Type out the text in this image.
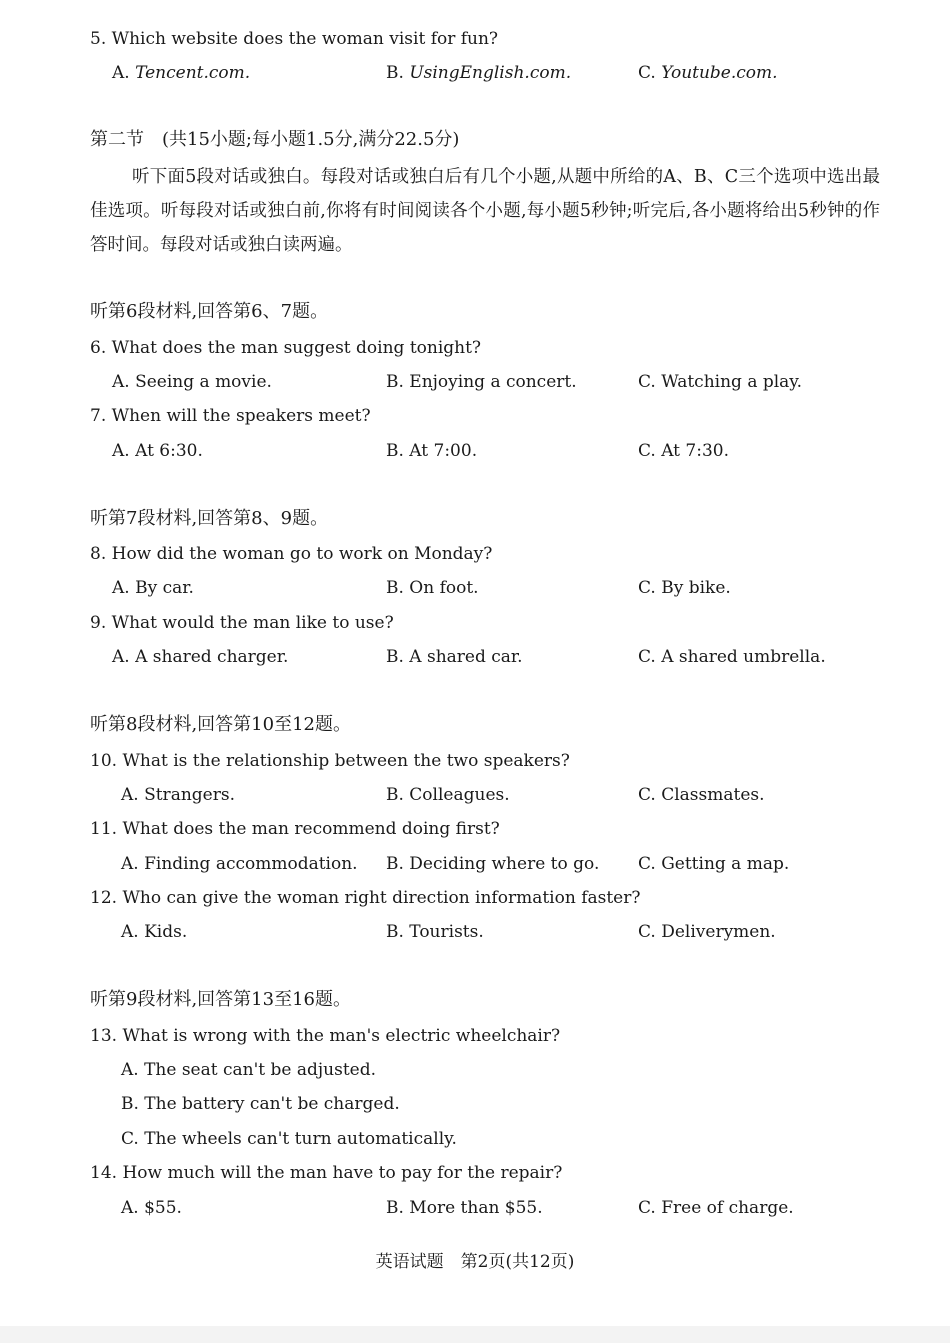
5. Which website does the woman visit for fun?
A. Tencent.com.	B. UsingEnglish.com.	C. Youtube.com.
第二节　(共15小题;每小题1.5分,满分22.5分)

听下面5段对话或独白。每段对话或独白后有几个小题,从题中所给的A、B、C三个选项中选出最佳选项。听每段对话或独白前,你将有时间阅读各个小题,每小题5秒钟;听完后,各小题将给出5秒钟的作答时间。每段对话或独白读两遍。

听第6段材料,回答第6、7题。
6. What does the man suggest doing tonight?
A. Seeing a movie.	B. Enjoying a concert.	C. Watching a play.
7. When will the speakers meet?
A. At 6:30.	B. At 7:00.	C. At 7:30.
听第7段材料,回答第8、9题。
8. How did the woman go to work on Monday?
A. By car.	B. On foot.	C. By bike.
9. What would the man like to use?
A. A shared charger.	B. A shared car.	C. A shared umbrella.
听第8段材料,回答第10至12题。
10. What is the relationship between the two speakers?
A. Strangers.	B. Colleagues.	C. Classmates.
11. What does the man recommend doing first?
A. Finding accommodation. B. Deciding where to go. C. Getting a map.
12. Who can give the woman right direction information faster?
A. Kids.	B. Tourists.	C. Deliverymen.
听第9段材料,回答第13至16题。
13. What is wrong with the man's electric wheelchair?
A. The seat can't be adjusted.
B. The battery can't be charged.
C. The wheels can't turn automatically.
14. How much will the man have to pay for the repair?
A. $55.	B. More than $55.	C. Free of charge.
英语试题　第2页(共12页)
